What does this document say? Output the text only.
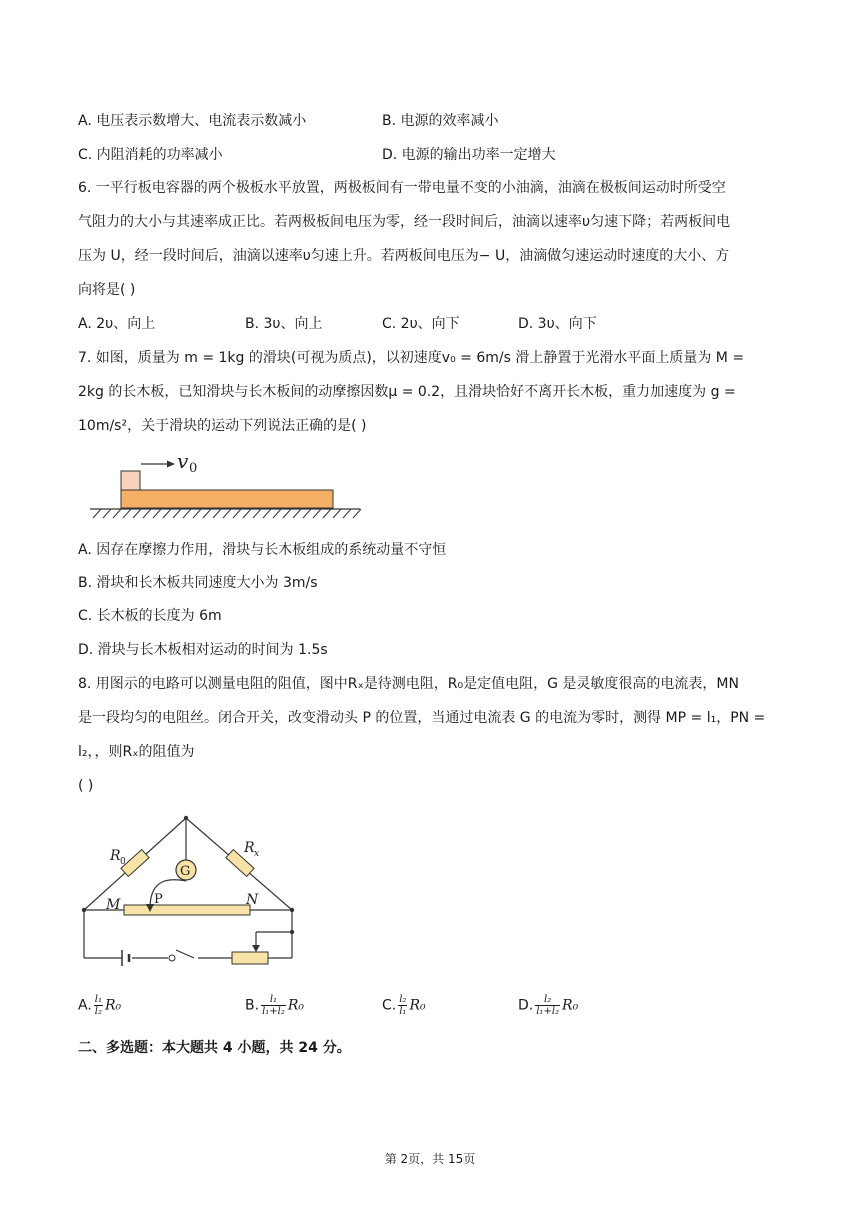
A. 电压表示数增大、电流表示数减小	B. 电源的效率减小
C. 内阻消耗的功率减小	D. 电源的输出功率一定增大
6. 一平行板电容器的两个极板水平放置，两极板间有一带电量不变的小油滴，油滴在极板间运动时所受空
气阻力的大小与其速率成正比。若两极板间电压为零，经一段时间后，油滴以速率υ匀速下降；若两板间电
压为 U，经一段时间后，油滴以速率υ匀速上升。若两板间电压为− U，油滴做匀速运动时速度的大小、方
向将是( )
A. 2υ、向上	B. 3υ、向上	C. 2υ、向下	D. 3υ、向下
7. 如图，质量为 m = 1kg 的滑块(可视为质点)，以初速度v₀ = 6m/s 滑上静置于光滑水平面上质量为 M =
2kg 的长木板，已知滑块与长木板间的动摩擦因数μ = 0.2，且滑块恰好不离开长木板，重力加速度为 g =
10m/s²，关于滑块的运动下列说法正确的是( )
v 0
A. 因存在摩擦力作用，滑块与长木板组成的系统动量不守恒
B. 滑块和长木板共同速度大小为 3m/s
C. 长木板的长度为 6m
D. 滑块与长木板相对运动的时间为 1.5s
8. 用图示的电路可以测量电阻的阻值，图中Rₓ是待测电阻，R₀是定值电阻，G 是灵敏度很高的电流表，MN
是一段均匀的电阻丝。闭合开关，改变滑动头 P 的位置，当通过电流表 G 的电流为零时，测得 MP = l₁，PN =
l₂，，则Rₓ的阻值为
( )
G
R 0
R x
M	N
P
A. $\frac{\text{l₁}}{\text{l₂}} R_0$	B. $\frac{\text{l₁}}{\text{l₁+l₂}} R_0$	C. $\frac{\text{l₂}}{\text{l₁}} R_0$	D. $\frac{\text{l₂}}{\text{l₁+l₂}} R_0$
二、多选题：本大题共 4 小题，共 24 分。
第 2页，共 15页
